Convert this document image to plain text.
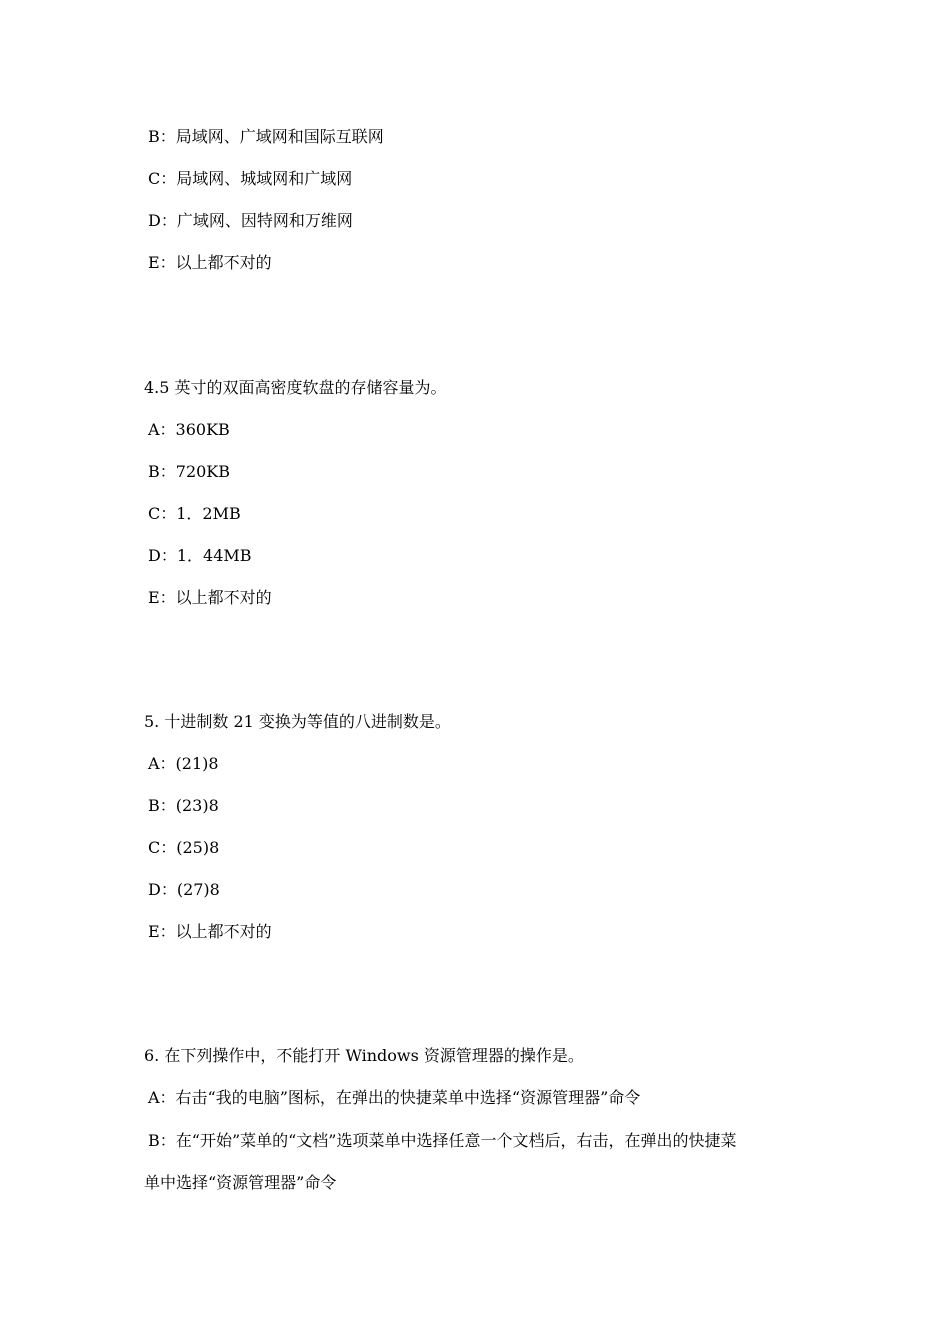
B：局域网、广域网和国际互联网
C：局域网、城域网和广域网
D：广域网、因特网和万维网
E：以上都不对的
4.5 英寸的双面高密度软盘的存储容量为。
A：360KB
B：720KB
C：1．2MB
D：1．44MB
E：以上都不对的
5. 十进制数 21 变换为等值的八进制数是。
A：(21)8
B：(23)8
C：(25)8
D：(27)8
E：以上都不对的
6. 在下列操作中，不能打开 Windows 资源管理器的操作是。
A：右击“我的电脑”图标，在弹出的快捷菜单中选择“资源管理器”命令
B：在“开始”菜单的“文档”选项菜单中选择任意一个文档后，右击，在弹出的快捷菜
单中选择“资源管理器”命令
